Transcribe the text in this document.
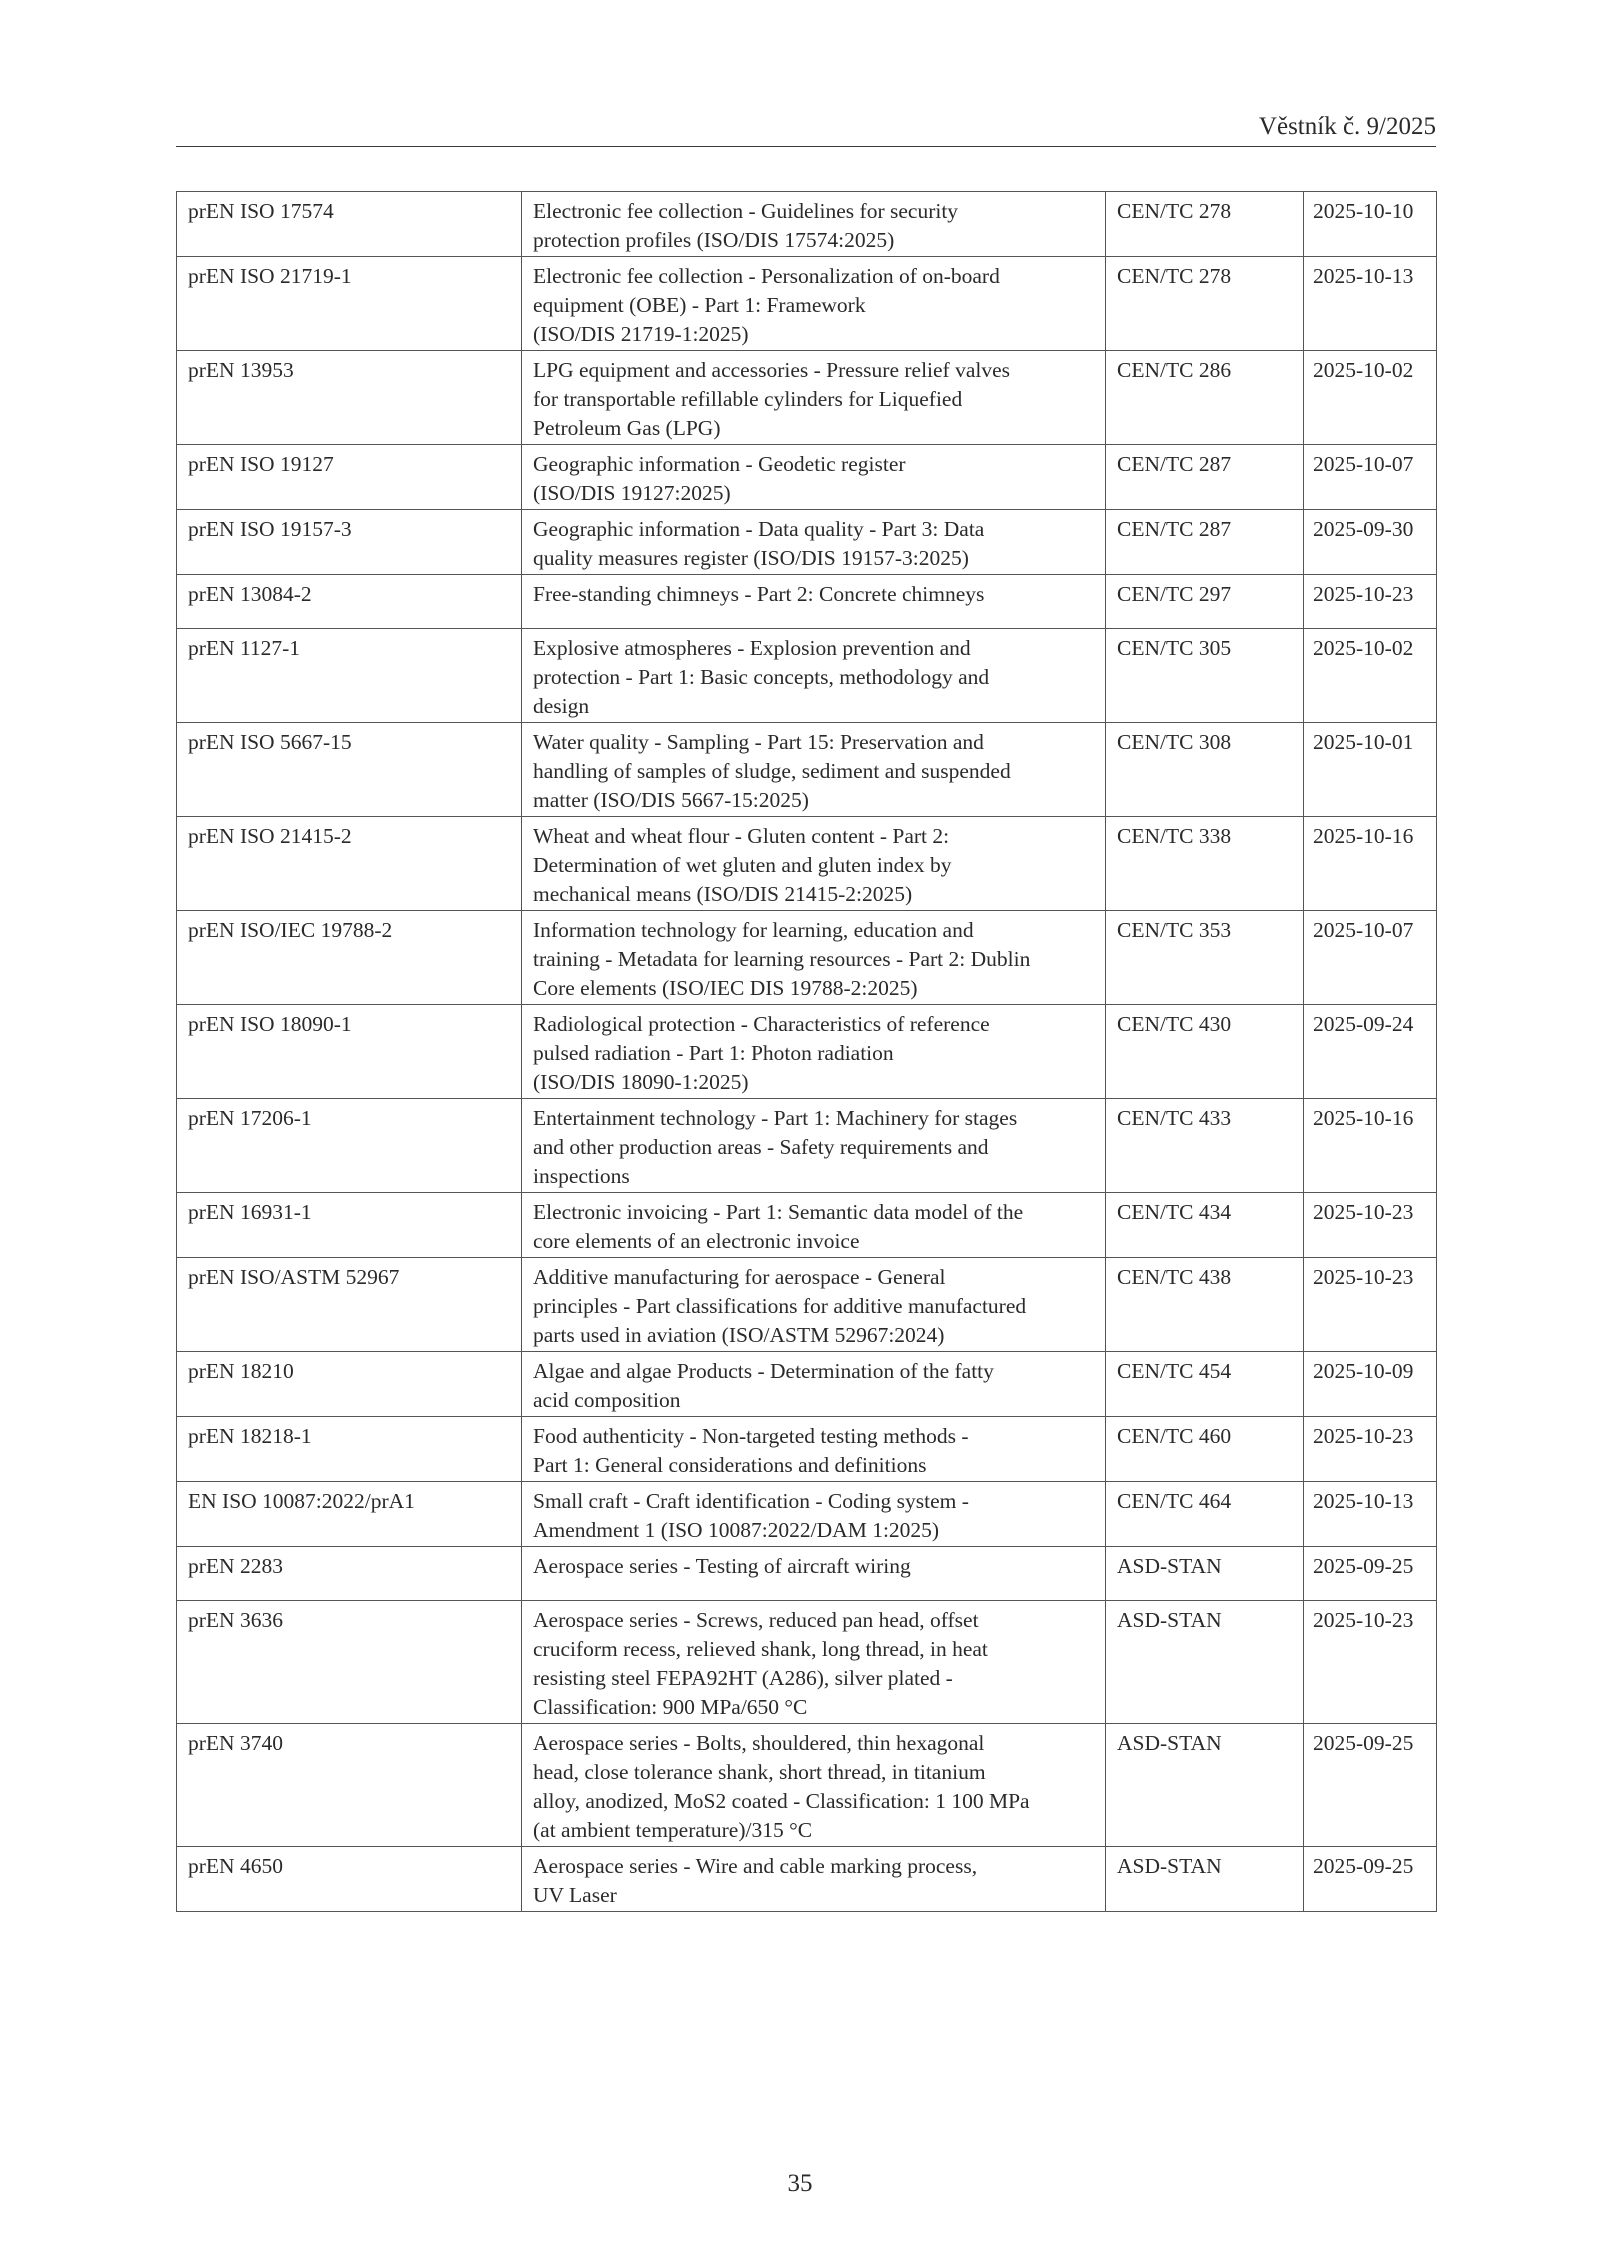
Věstník č. 9/2025
prEN ISO 17574	Electronic fee collection - Guidelines for security
protection profiles (ISO/DIS 17574:2025)	CEN/TC 278	2025-10-10
prEN ISO 21719-1	Electronic fee collection - Personalization of on-board
equipment (OBE) - Part 1: Framework
(ISO/DIS 21719-1:2025)	CEN/TC 278	2025-10-13
prEN 13953	LPG equipment and accessories - Pressure relief valves
for transportable refillable cylinders for Liquefied
Petroleum Gas (LPG)	CEN/TC 286	2025-10-02
prEN ISO 19127	Geographic information - Geodetic register
(ISO/DIS 19127:2025)	CEN/TC 287	2025-10-07
prEN ISO 19157-3	Geographic information - Data quality - Part 3: Data
quality measures register (ISO/DIS 19157-3:2025)	CEN/TC 287	2025-09-30
prEN 13084-2	Free-standing chimneys - Part 2: Concrete chimneys	CEN/TC 297	2025-10-23
prEN 1127-1	Explosive atmospheres - Explosion prevention and
protection - Part 1: Basic concepts, methodology and
design	CEN/TC 305	2025-10-02
prEN ISO 5667-15	Water quality - Sampling - Part 15: Preservation and
handling of samples of sludge, sediment and suspended
matter (ISO/DIS 5667-15:2025)	CEN/TC 308	2025-10-01
prEN ISO 21415-2	Wheat and wheat flour - Gluten content - Part 2:
Determination of wet gluten and gluten index by
mechanical means (ISO/DIS 21415-2:2025)	CEN/TC 338	2025-10-16
prEN ISO/IEC 19788-2	Information technology for learning, education and
training - Metadata for learning resources - Part 2: Dublin
Core elements (ISO/IEC DIS 19788-2:2025)	CEN/TC 353	2025-10-07
prEN ISO 18090-1	Radiological protection - Characteristics of reference
pulsed radiation - Part 1: Photon radiation
(ISO/DIS 18090-1:2025)	CEN/TC 430	2025-09-24
prEN 17206-1	Entertainment technology - Part 1: Machinery for stages
and other production areas - Safety requirements and
inspections	CEN/TC 433	2025-10-16
prEN 16931-1	Electronic invoicing - Part 1: Semantic data model of the
core elements of an electronic invoice	CEN/TC 434	2025-10-23
prEN ISO/ASTM 52967	Additive manufacturing for aerospace - General
principles - Part classifications for additive manufactured
parts used in aviation (ISO/ASTM 52967:2024)	CEN/TC 438	2025-10-23
prEN 18210	Algae and algae Products - Determination of the fatty
acid composition	CEN/TC 454	2025-10-09
prEN 18218-1	Food authenticity - Non-targeted testing methods -
Part 1: General considerations and definitions	CEN/TC 460	2025-10-23
EN ISO 10087:2022/prA1	Small craft - Craft identification - Coding system -
Amendment 1 (ISO 10087:2022/DAM 1:2025)	CEN/TC 464	2025-10-13
prEN 2283	Aerospace series - Testing of aircraft wiring	ASD-STAN	2025-09-25
prEN 3636	Aerospace series - Screws, reduced pan head, offset
cruciform recess, relieved shank, long thread, in heat
resisting steel FEPA92HT (A286), silver plated -
Classification: 900 MPa/650 °C	ASD-STAN	2025-10-23
prEN 3740	Aerospace series - Bolts, shouldered, thin hexagonal
head, close tolerance shank, short thread, in titanium
alloy, anodized, MoS2 coated - Classification: 1 100 MPa
(at ambient temperature)/315 °C	ASD-STAN	2025-09-25
prEN 4650	Aerospace series - Wire and cable marking process,
UV Laser	ASD-STAN	2025-09-25
35
